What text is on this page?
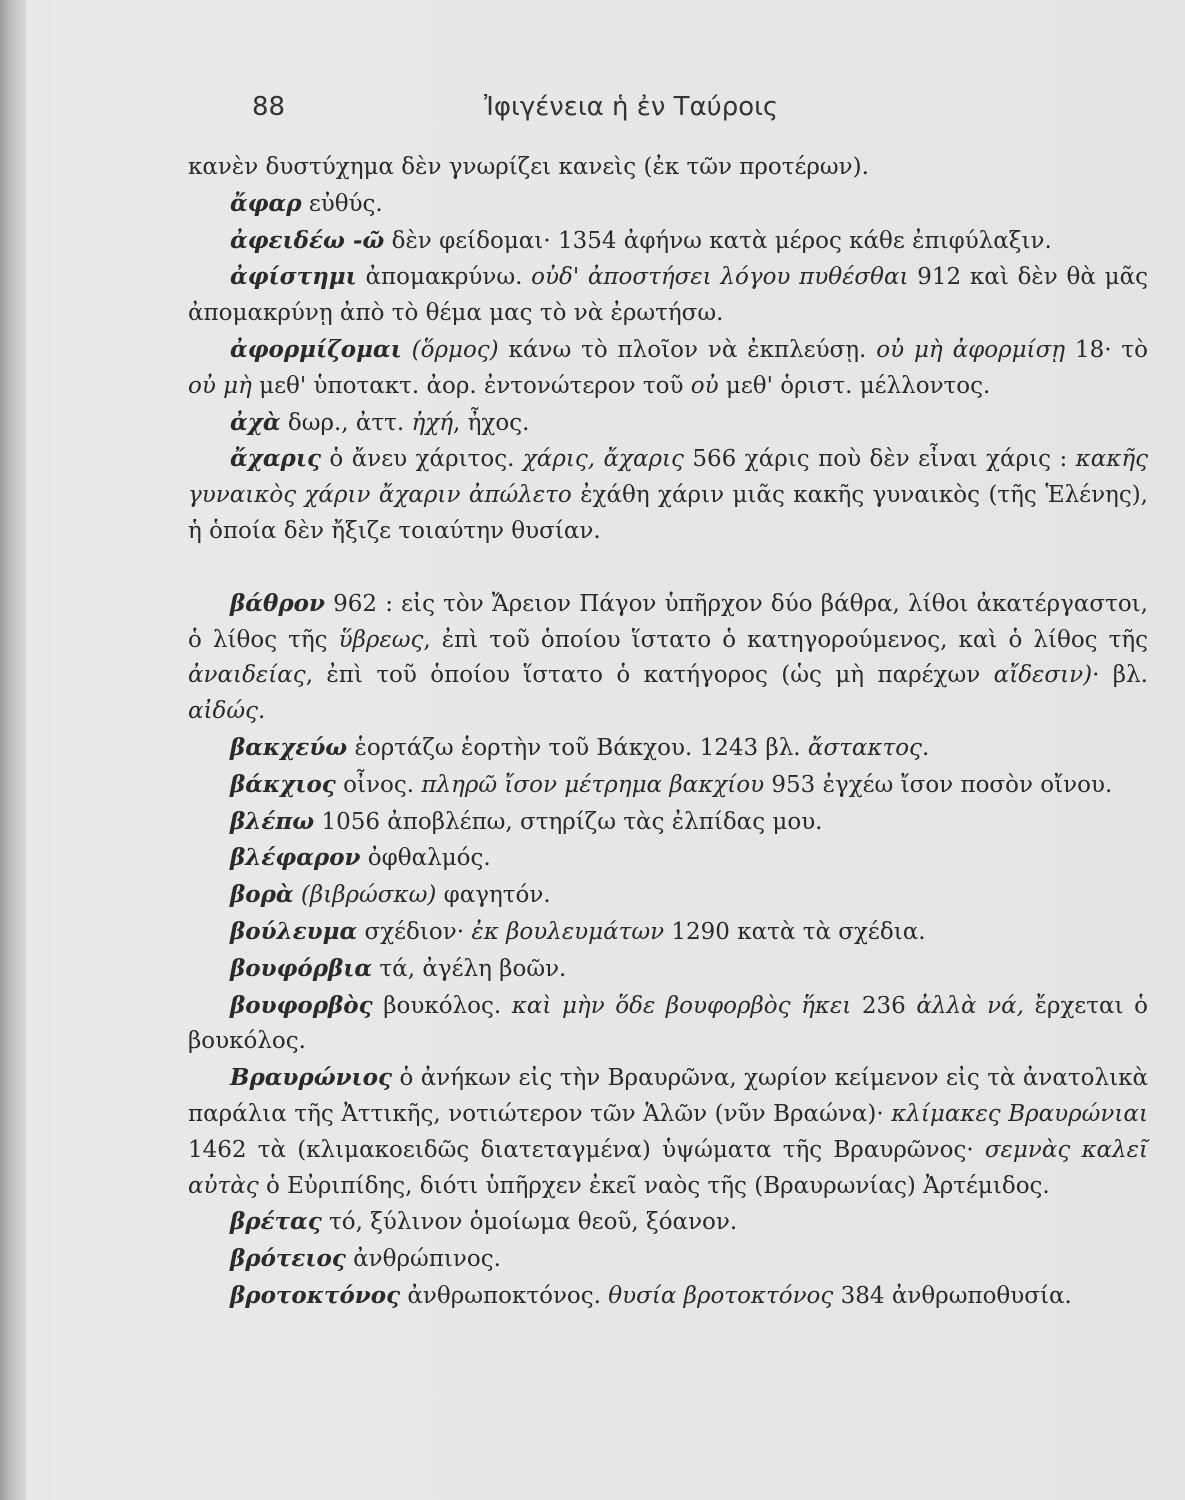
88	Ἰφιγένεια ἡ ἐν Ταύροις

κανὲν δυστύχημα δὲν γνωρίζει κανεὶς (ἐκ τῶν προτέρων).

ἄφαρ εὐθύς.

ἀφειδέω -ῶ δὲν φείδομαι· 1354 ἀφήνω κατὰ μέρος κάθε ἐπιφύλαξιν.

ἀφίστημι ἀπομακρύνω. οὐδ' ἀποστήσει λόγου πυθέσθαι 912 καὶ δὲν θὰ μᾶς ἀπομακρύνῃ ἀπὸ τὸ θέμα μας τὸ νὰ ἐρωτήσω.

ἀφορμίζομαι (ὅρμος) κάνω τὸ πλοῖον νὰ ἐκπλεύσῃ. οὐ μὴ ἀφορμίσῃ 18· τὸ οὐ μὴ μεθ' ὑποτακτ. ἀορ. ἐντονώτερον τοῦ οὐ μεθ' ὁριστ. μέλλοντος.

ἀχὰ δωρ., ἀττ. ἠχή, ἦχος.

ἄχαρις ὁ ἄνευ χάριτος. χάρις, ἄχαρις 566 χάρις ποὺ δὲν εἶναι χάρις : κακῆς γυναικὸς χάριν ἄχαριν ἀπώλετο ἐχάθη χάριν μιᾶς κακῆς γυναικὸς (τῆς Ἑλένης), ἡ ὁποία δὲν ἤξιζε τοιαύτην θυσίαν.

βάθρον 962 : εἰς τὸν Ἄρειον Πάγον ὑπῆρχον δύο βάθρα, λίθοι ἀκατέργαστοι, ὁ λίθος τῆς ὕβρεως, ἐπὶ τοῦ ὁποίου ἵστατο ὁ κατηγορούμενος, καὶ ὁ λίθος τῆς ἀναιδείας, ἐπὶ τοῦ ὁποίου ἵστατο ὁ κατήγορος (ὡς μὴ παρέχων αἴδεσιν)· βλ. αἰδώς.

βακχεύω ἑορτάζω ἑορτὴν τοῦ Βάκχου. 1243 βλ. ἄστακτος.

βάκχιος οἶνος. πληρῶ ἴσον μέτρημα βακχίου 953 ἐγχέω ἴσον ποσὸν οἴνου.

βλέπω 1056 ἀποβλέπω, στηρίζω τὰς ἐλπίδας μου.

βλέφαρον ὀφθαλμός.

βορὰ (βιβρώσκω) φαγητόν.

βούλευμα σχέδιον· ἐκ βουλευμάτων 1290 κατὰ τὰ σχέδια.

βουφόρβια τά, ἀγέλη βοῶν.

βουφορβὸς βουκόλος. καὶ μὴν ὅδε βουφορβὸς ἥκει 236 ἀλλὰ νά, ἔρχεται ὁ βουκόλος.

Βραυρώνιος ὁ ἀνήκων εἰς τὴν Βραυρῶνα, χωρίον κείμενον εἰς τὰ ἀνατολικὰ παράλια τῆς Ἀττικῆς, νοτιώτερον τῶν Ἁλῶν (νῦν Βραώνα)· κλίμακες Βραυρώνιαι 1462 τὰ (κλιμακοειδῶς διατεταγμένα) ὑψώματα τῆς Βραυρῶνος· σεμνὰς καλεῖ αὐτὰς ὁ Εὐριπίδης, διότι ὑπῆρχεν ἐκεῖ ναὸς τῆς (Βραυρωνίας) Ἀρτέμιδος.

βρέτας τό, ξύλινον ὁμοίωμα θεοῦ, ξόανον.

βρότειος ἀνθρώπινος.

βροτοκτόνος ἀνθρωποκτόνος. θυσία βροτοκτόνος 384 ἀνθρωποθυσία.
